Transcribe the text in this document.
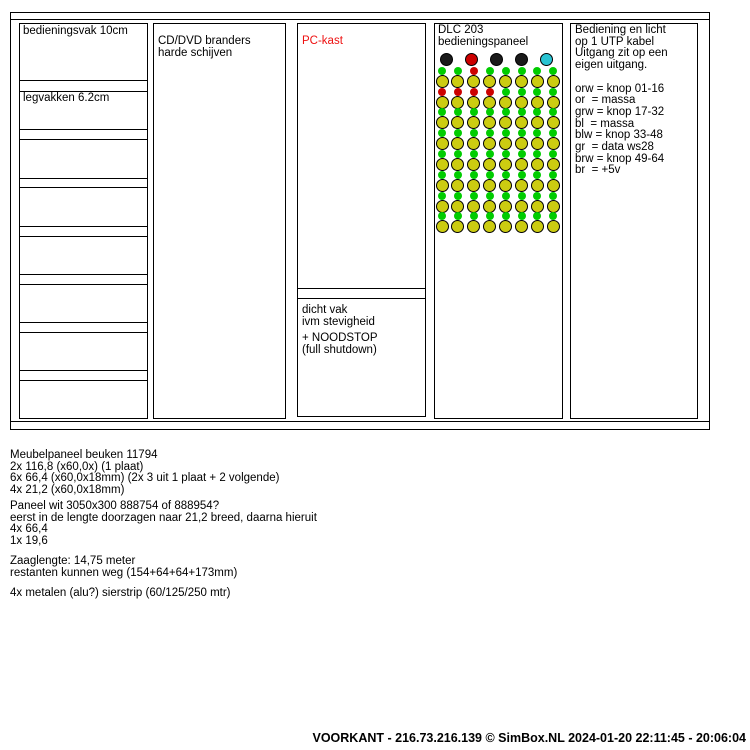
bedieningsvak 10cm
legvakken 6.2cm
CD/DVD branders
harde schijven
PC-kast
dicht vak
ivm stevigheid
+ NOODSTOP
(full shutdown)
DLC 203
bedieningspaneel
Bediening en licht
op 1 UTP kabel
Uitgang zit op een
eigen uitgang.

orw = knop 01-16
or  = massa
grw = knop 17-32
bl  = massa
blw = knop 33-48
gr  = data ws28
brw = knop 49-64
br  = +5v
Meubelpaneel beuken 11794
2x 116,8 (x60,0x) (1 plaat)
6x 66,4 (x60,0x18mm) (2x 3 uit 1 plaat + 2 volgende)
4x 21,2 (x60,0x18mm)
Paneel wit 3050x300 888754 of 888954?
eerst in de lengte doorzagen naar 21,2 breed, daarna hieruit
4x 66,4
1x 19,6
Zaaglengte: 14,75 meter
restanten kunnen weg (154+64+64+173mm)
4x metalen (alu?) sierstrip (60/125/250 mtr)
VOORKANT - 216.73.216.139 © SimBox.NL 2024-01-20 22:11:45 - 20:06:04
